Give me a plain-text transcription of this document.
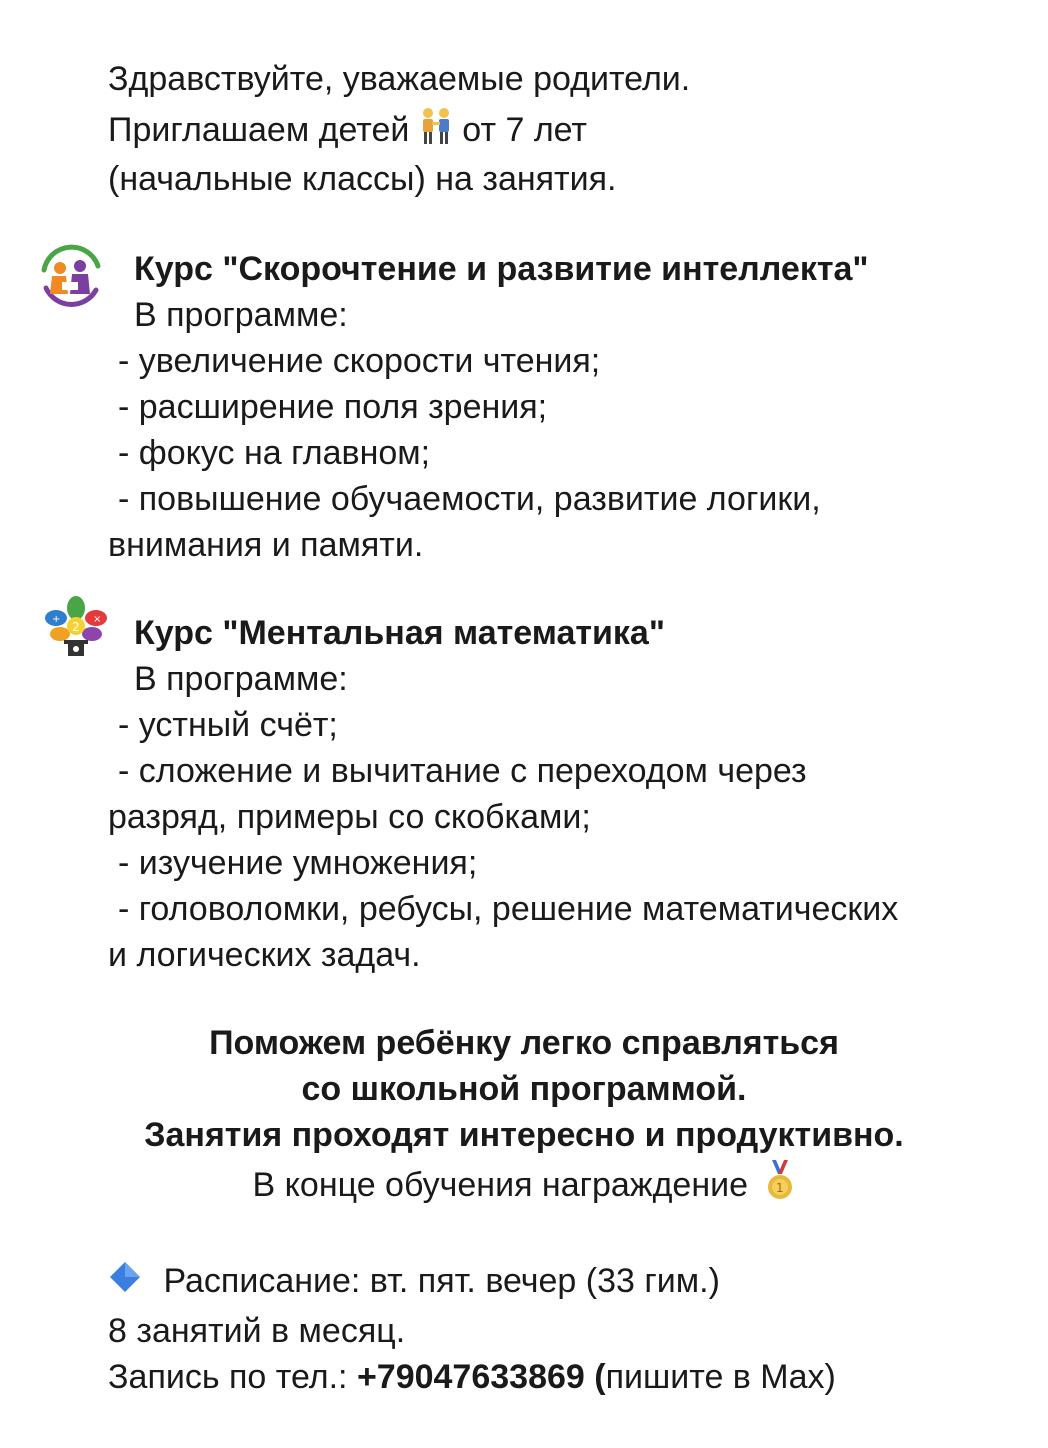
Здравствуйте, уважаемые родители.
Приглашаем детей от 7 лет
(начальные классы) на занятия.
Курс "Скорочтение и развитие интеллекта"
В программе:
- увеличение скорости чтения;
- расширение поля зрения;
- фокус на главном;
- повышение обучаемости, развитие логики,
внимания и памяти.
2
+	× Курс "Ментальная математика"
В программе:
- устный счёт;
- сложение и вычитание с переходом через
разряд, примеры со скобками;
- изучение умножения;
- головоломки, ребусы, решение математических
и логических задач.
Поможем ребёнку легко справляться
со школьной программой.
Занятия проходят интересно и продуктивно.
В конце обучения награждение 1
Расписание: вт. пят. вечер (33 гим.)
8 занятий в месяц.
Запись по тел.: +79047633869 (пишите в Max)
